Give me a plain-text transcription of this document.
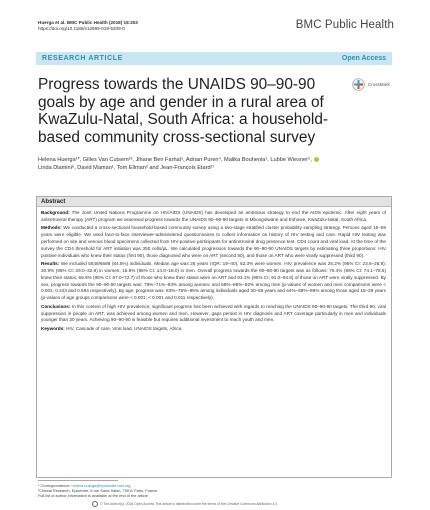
Huerga et al. BMC Public Health (2018) 18:303
https://doi.org/10.1186/s12889-018-5208-0	BMC Public Health
RESEARCH ARTICLE	Open Access
Progress towards the UNAIDS 90–90-90 goals by age and gender in a rural area of KwaZulu-Natal, South Africa: a household-based community cross-sectional survey
CrossMark
Helena Huerga¹*, Gilles Van Cutsem²³, Jihane Ben Farhat¹, Adrian Puren⁴, Malika Bouhenia¹, Lubbe Wiesner⁵,
Linda Dlamini⁶, David Maman¹, Tom Ellman² and Jean-François Etard¹⁷
Abstract

Background: The Joint United Nations Programme on HIV/AIDS (UNAIDS) has developed an ambitious strategy to end the AIDS epidemic. After eight years of antiretroviral therapy (ART) program we assessed progress towards the UNAIDS 90–90-90 targets in Mbongolwane and Eshowe, KwaZulu-Natal, South Africa.

Methods: We conducted a cross-sectional household-based community survey using a two-stage stratified cluster probability sampling strategy. Persons aged 15–59 years were eligible. We used face-to-face interviewer-administered questionnaires to collect information on history of HIV testing and care. Rapid HIV testing was performed on site and venous blood specimens collected from HIV-positive participants for antiretroviral drug presence test, CD4 count and viral load. At the time of the survey the CD4 threshold for ART initiation was 350 cells/µL. We calculated progression towards the 90–90-90 UNAIDS targets by estimating three proportions: HIV positive individuals who knew their status (first 90), those diagnosed who were on ART (second 90), and those on ART who were virally suppressed (third 90).

Results: We included 5649/6688 (84.5%) individuals. Median age was 26 years (IQR: 19–40), 62.3% were women. HIV prevalence was 25.2% (95% CI: 23.6–26.9): 30.9% (95% CI: 29.0–32.9) in women; 15.9% (95% CI: 14.0–18.0) in men. Overall progress towards the 90–90-90 targets was as follows: 76.4% (95% CI: 74.1–78.6) knew their status, 69.9% (95% CI: 67.0–72.7) of those who knew their status were on ART and 93.1% (95% CI: 91.0–94.8) of those on ART were virally suppressed. By sex, progress towards the 90–90-90 targets was: 79%–71%–93% among women; and 68%–68%–92% among men (p-values of women and men comparisons were < 0.001; 0.443 and 0.584 respectively). By age, progress was: 83%–75%–95% among individuals aged 30–59 years and 64%–58%–89% among those aged 15–29 years (p-values of age groups comparisons were < 0.001; < 0.001 and 0.011 respectively).

Conclusions: In this context of high HIV prevalence, significant progress has been achieved with regards to reaching the UNAIDS 90–90-90 targets. The third 90, viral suppression in people on ART, was achieved among women and men. However, gaps persist in HIV diagnosis and ART coverage particularly in men and individuals younger than 30 years. Achieving 90–90-90 is feasible but requires additional investment to reach youth and men.

Keywords: HIV, Cascade of care, Viral load, UNAIDS targets, Africa

* Correspondence: helena.huerga@epicentre.msf.org
¹Clinical Research, Epicentre, 8 rue Saint-Sabin, 75011 Paris, France
Full list of author information is available at the end of the article
© The Author(s). 2018 Open Access This article is distributed under the terms of the Creative Commons Attribution 4.0
